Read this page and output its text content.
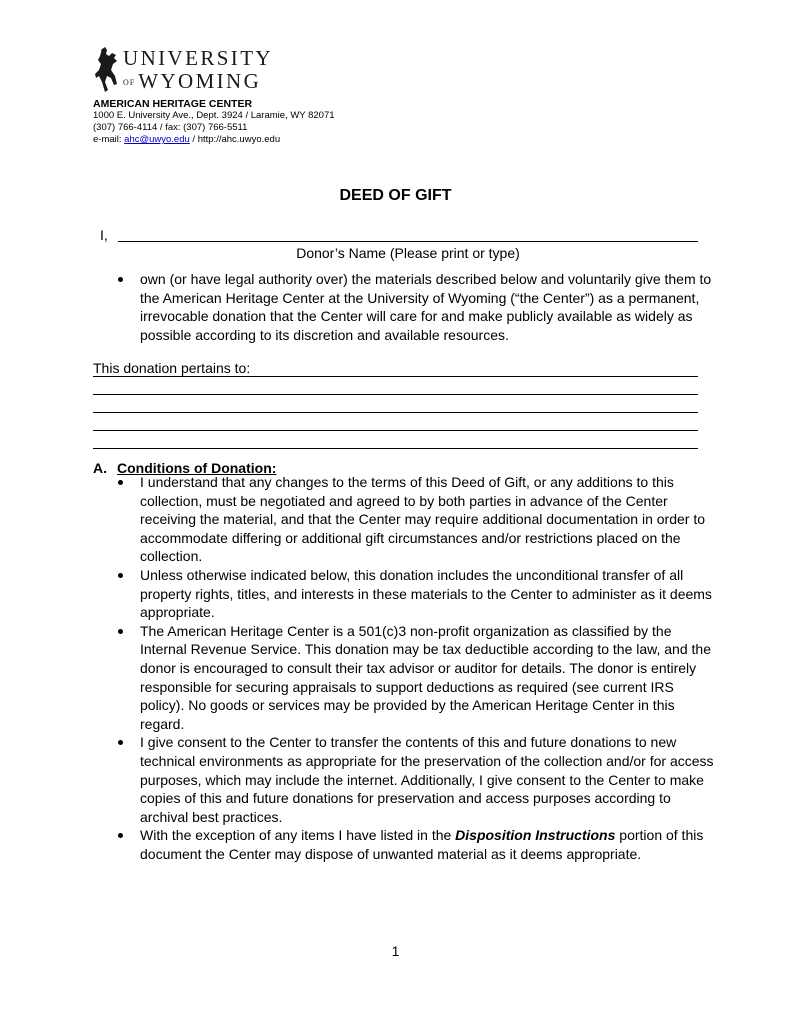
UNIVERSITY
OF WYOMING
AMERICAN HERITAGE CENTER
1000 E. University Ave., Dept. 3924 / Laramie, WY 82071
(307) 766-4114 / fax: (307) 766-5511
e-mail: ahc@uwyo.edu / http://ahc.uwyo.edu
DEED OF GIFT
I,
Donor’s Name (Please print or type)
own (or have legal authority over) the materials described below and voluntarily give them to the American Heritage Center at the University of Wyoming (“the Center”) as a permanent, irrevocable donation that the Center will care for and make publicly available as widely as possible according to its discretion and available resources.
This donation pertains to:
A. Conditions of Donation:
I understand that any changes to the terms of this Deed of Gift, or any additions to this collection, must be negotiated and agreed to by both parties in advance of the Center receiving the material, and that the Center may require additional documentation in order to accommodate differing or additional gift circumstances and/or restrictions placed on the collection.
Unless otherwise indicated below, this donation includes the unconditional transfer of all property rights, titles, and interests in these materials to the Center to administer as it deems appropriate.
The American Heritage Center is a 501(c)3 non-profit organization as classified by the Internal Revenue Service. This donation may be tax deductible according to the law, and the donor is encouraged to consult their tax advisor or auditor for details. The donor is entirely responsible for securing appraisals to support deductions as required (see current IRS policy). No goods or services may be provided by the American Heritage Center in this regard.
I give consent to the Center to transfer the contents of this and future donations to new technical environments as appropriate for the preservation of the collection and/or for access purposes, which may include the internet. Additionally, I give consent to the Center to make copies of this and future donations for preservation and access purposes according to archival best practices.
With the exception of any items I have listed in the Disposition Instructions portion of this document the Center may dispose of unwanted material as it deems appropriate.
1
